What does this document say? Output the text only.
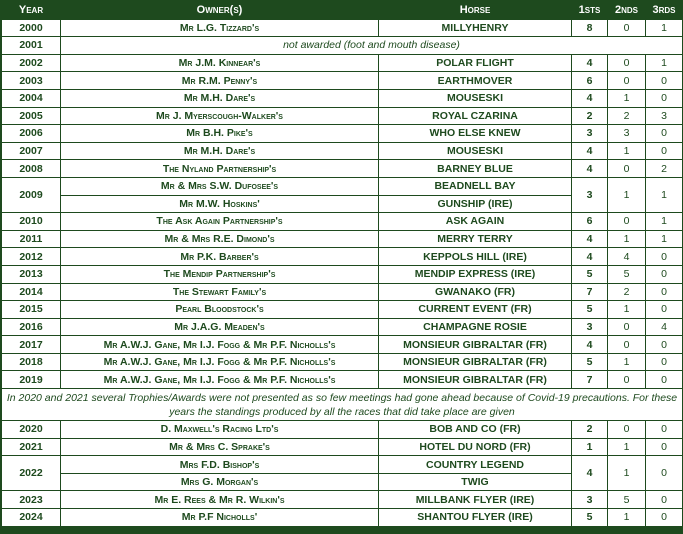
Year	Owner(s)	Horse	1sts	2nds	3rds
2000	Mr L.G. Tizzard's	MILLYHENRY	8	0	1
2001	not awarded (foot and mouth disease)				
2002	Mr J.M. Kinnear's	POLAR FLIGHT	4	0	1
2003	Mr R.M. Penny's	EARTHMOVER	6	0	0
2004	Mr M.H. Dare's	MOUSESKI	4	1	0
2005	Mr J. Myerscough-Walker's	ROYAL CZARINA	2	2	3
2006	Mr B.H. Pike's	WHO ELSE KNEW	3	3	0
2007	Mr M.H. Dare's	MOUSESKI	4	1	0
2008	The Nyland Partnership's	BARNEY BLUE	4	0	2
2009	Mr & Mrs S.W. Dufosee's	BEADNELL BAY	3	1	1
	Mr M.W. Hoskins'	GUNSHIP (IRE)			
2010	The Ask Again Partnership's	ASK AGAIN	6	0	1
2011	Mr & Mrs R.E. Dimond's	MERRY TERRY	4	1	1
2012	Mr P.K. Barber's	KEPPOLS HILL (IRE)	4	4	0
2013	The Mendip Partnership's	MENDIP EXPRESS (IRE)	5	5	0
2014	The Stewart Family's	GWANAKO (FR)	7	2	0
2015	Pearl Bloodstock's	CURRENT EVENT (FR)	5	1	0
2016	Mr J.A.G. Meaden's	CHAMPAGNE ROSIE	3	0	4
2017	Mr A.W.J. Gane, Mr I.J. Fogg & Mr P.F. Nicholls's	MONSIEUR GIBRALTAR (FR)	4	0	0
2018	Mr A.W.J. Gane, Mr I.J. Fogg & Mr P.F. Nicholls's	MONSIEUR GIBRALTAR (FR)	5	1	0
2019	Mr A.W.J. Gane, Mr I.J. Fogg & Mr P.F. Nicholls's	MONSIEUR GIBRALTAR (FR)	7	0	0
In 2020 and 2021 several Trophies/Awards were not presented as so few meetings had gone ahead because of Covid-19 precautions. For these years the standings produced by all the races that did take place are given					
2020	D. Maxwell's Racing Ltd's	BOB AND CO (FR)	2	0	0
2021	Mr & Mrs C. Sprake's	HOTEL DU NORD (FR)	1	1	0
2022	Mrs F.D. Bishop's	COUNTRY LEGEND	4	1	0
	Mrs G. Morgan's	TWIG			
2023	Mr E. Rees & Mr R. Wilkin's	MILLBANK FLYER (IRE)	3	5	0
2024	Mr P.F Nicholls'	SHANTOU FLYER (IRE)	5	1	0
